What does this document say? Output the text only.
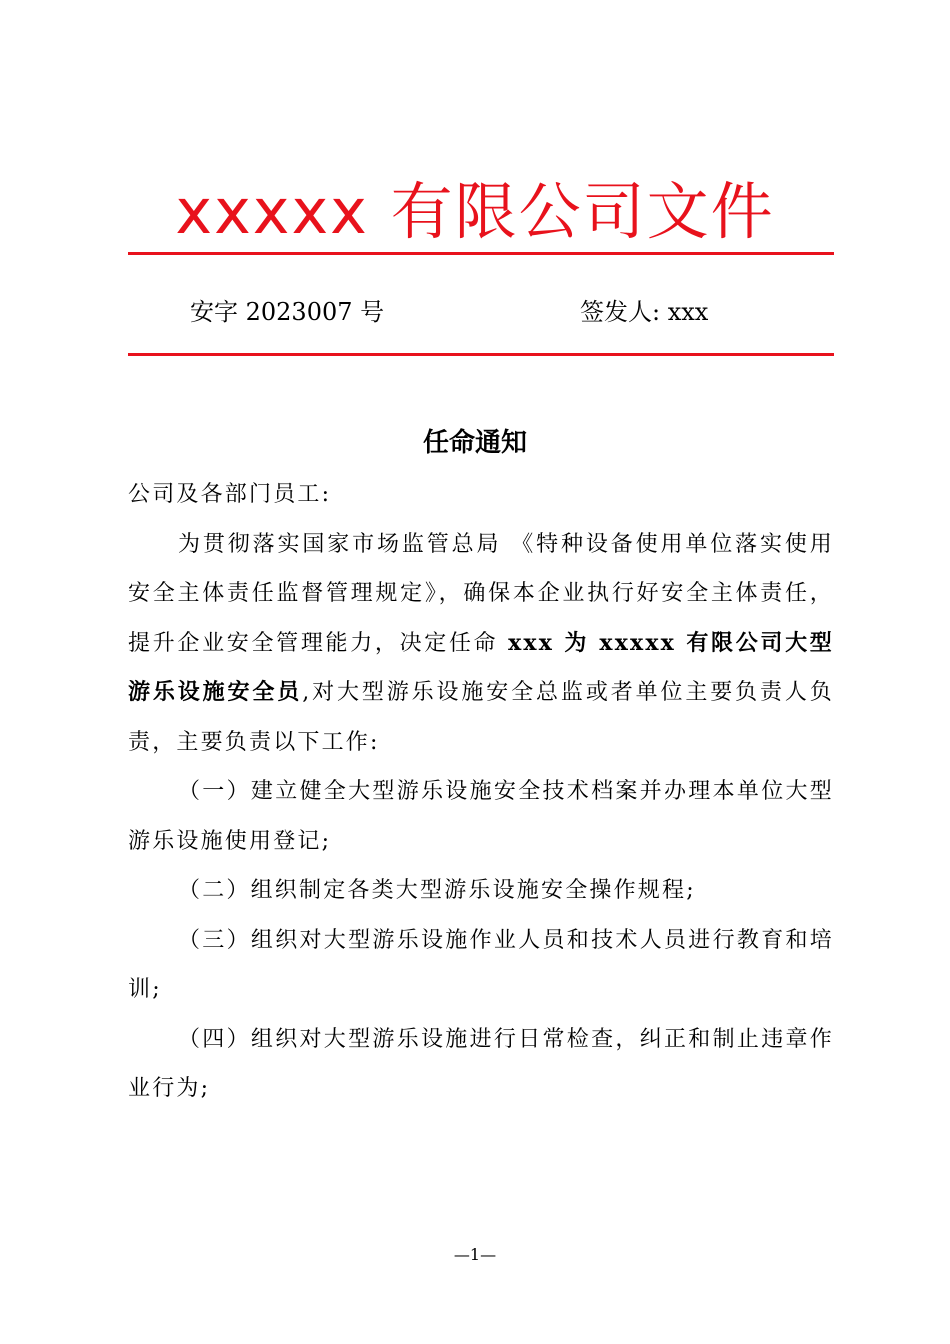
xxxxx 有限公司文件
安字 2023007 号	签发人: xxx
任命通知

公司及各部门员工:

为贯彻落实国家市场监管总局 《特种设备使用单位落实使用安全主体责任监督管理规定》，确保本企业执行好安全主体责任，提升企业安全管理能力，决定任命 xxx 为 xxxxx 有限公司大型游乐设施安全员,对大型游乐设施安全总监或者单位主要负责人负责，主要负责以下工作:

（一）建立健全大型游乐设施安全技术档案并办理本单位大型游乐设施使用登记;

（二）组织制定各类大型游乐设施安全操作规程;

（三）组织对大型游乐设施作业人员和技术人员进行教育和培训;

（四）组织对大型游乐设施进行日常检查，纠正和制止违章作业行为;

—1—
